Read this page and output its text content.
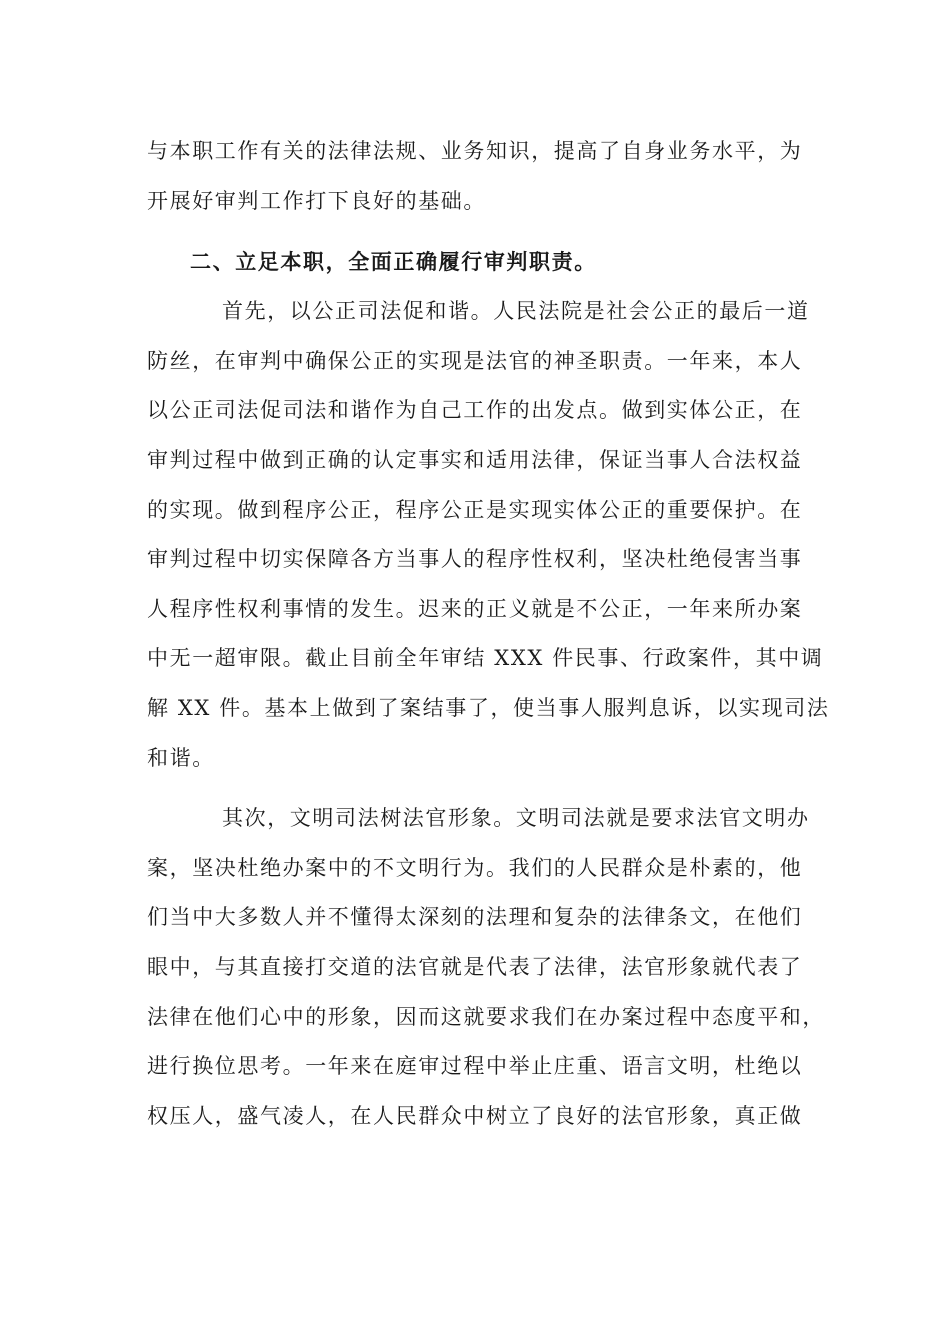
与本职工作有关的法律法规、业务知识，提高了自身业务水平，为
开展好审判工作打下良好的基础。
二、立足本职，全面正确履行审判职责。
首先，以公正司法促和谐。人民法院是社会公正的最后一道
防丝，在审判中确保公正的实现是法官的神圣职责。一年来，本人
以公正司法促司法和谐作为自己工作的出发点。做到实体公正，在
审判过程中做到正确的认定事实和适用法律，保证当事人合法权益
的实现。做到程序公正，程序公正是实现实体公正的重要保护。在
审判过程中切实保障各方当事人的程序性权利，坚决杜绝侵害当事
人程序性权利事情的发生。迟来的正义就是不公正，一年来所办案
中无一超审限。截止目前全年审结 XXX 件民事、行政案件，其中调
解 XX 件。基本上做到了案结事了，使当事人服判息诉，以实现司法
和谐。
其次，文明司法树法官形象。文明司法就是要求法官文明办
案，坚决杜绝办案中的不文明行为。我们的人民群众是朴素的，他
们当中大多数人并不懂得太深刻的法理和复杂的法律条文，在他们
眼中，与其直接打交道的法官就是代表了法律，法官形象就代表了
法律在他们心中的形象，因而这就要求我们在办案过程中态度平和，
进行换位思考。一年来在庭审过程中举止庄重、语言文明，杜绝以
权压人，盛气凌人，在人民群众中树立了良好的法官形象，真正做
